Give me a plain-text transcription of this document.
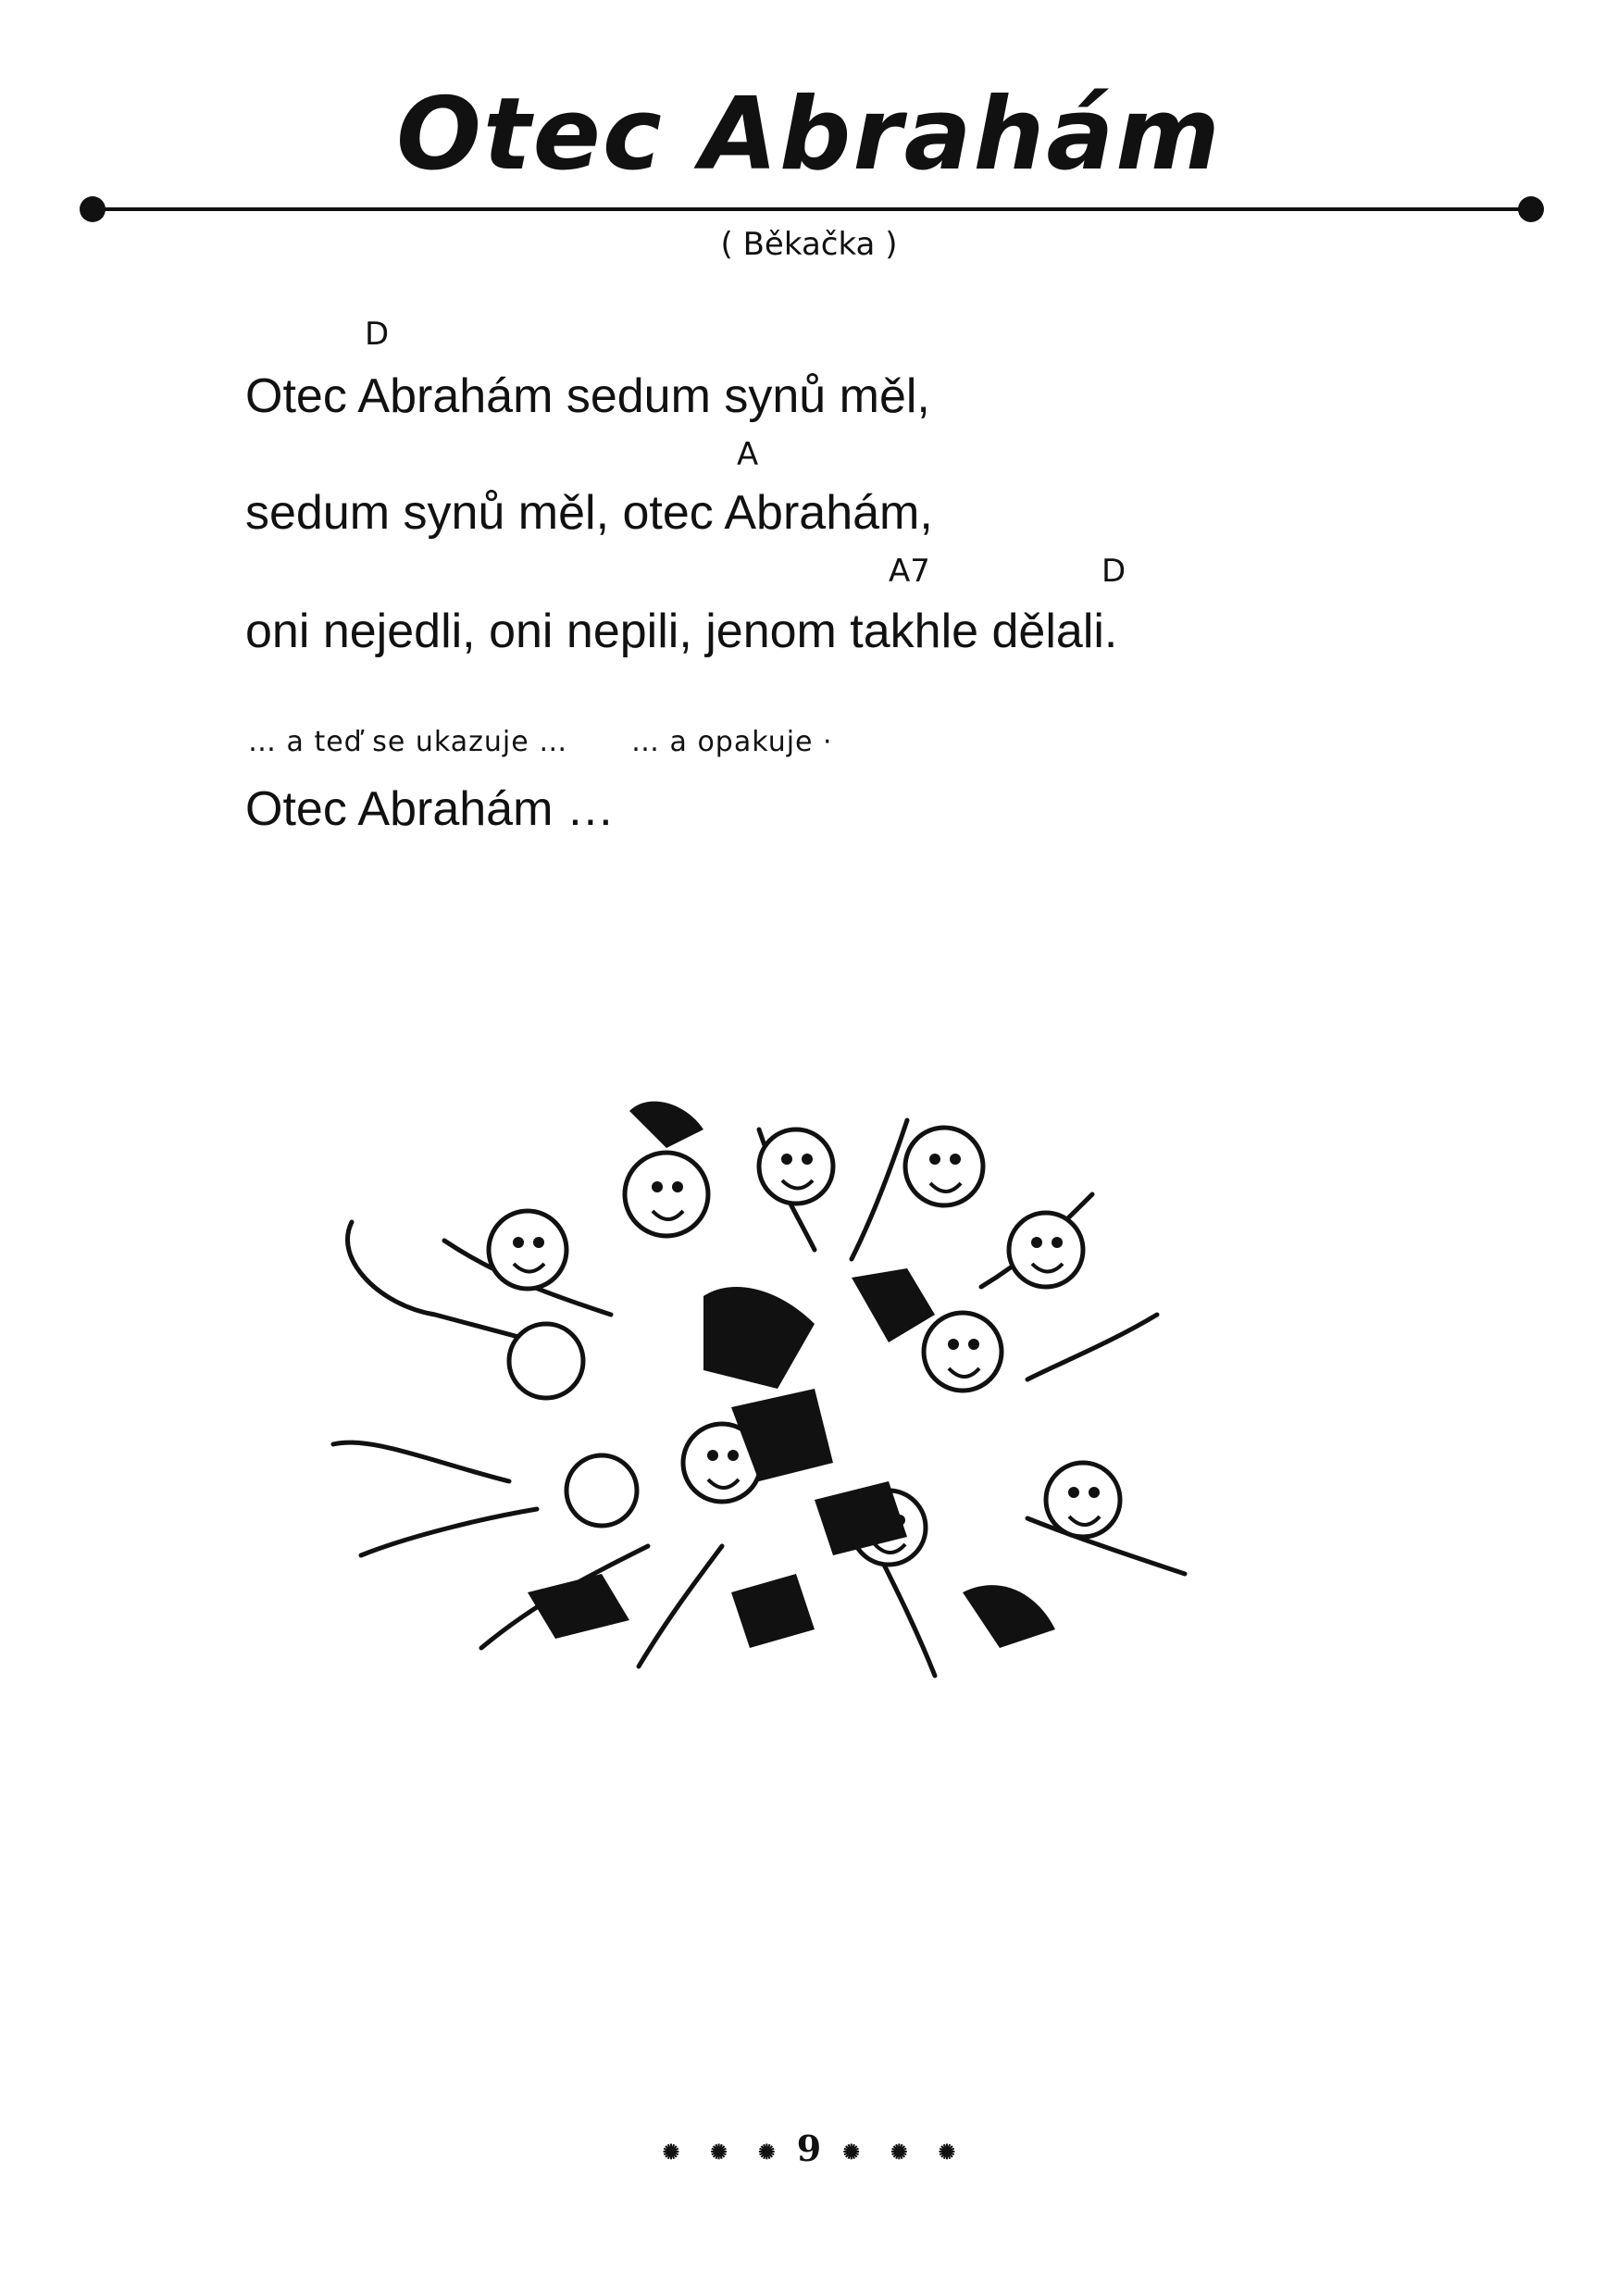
Otec Abrahám
( Běkačka )
D
Otec Abrahám sedum synů měl,
A
sedum synů měl, otec Abrahám,
A7	D
oni nejedli, oni nepili, jenom takhle dělali.
… a teď se ukazuje … … a opakuje ·
Otec Abrahám …
✺ ✺ ✺ 9 ✺ ✺ ✺
